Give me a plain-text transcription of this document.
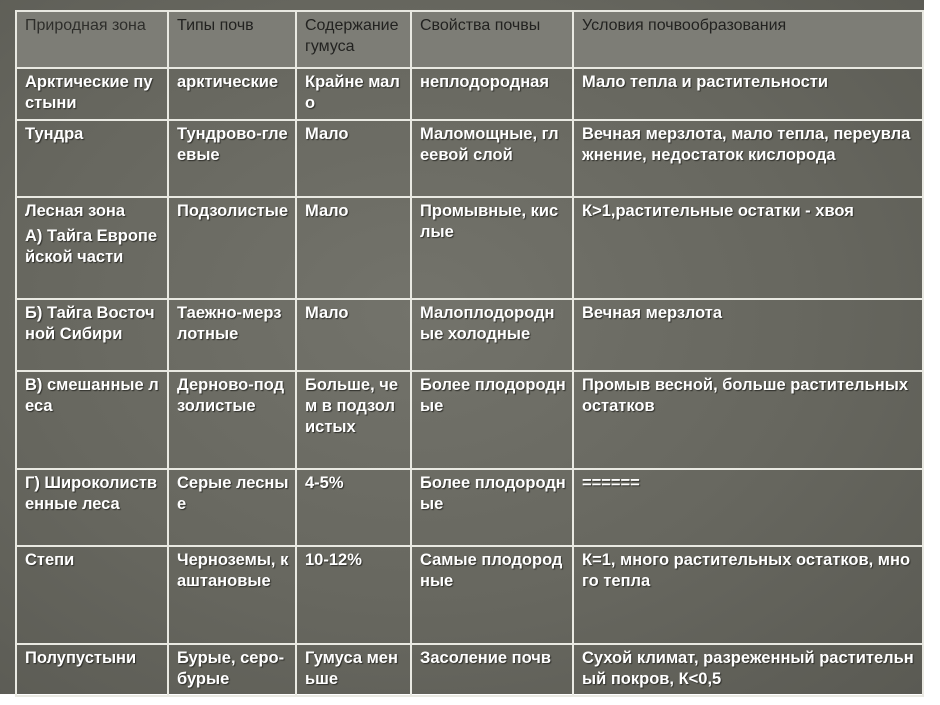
Природная зона	Типы почв	Содержание гумуса	Свойства почвы	Условия почвообразования
Арктические пустыни	арктические	Крайне мало	неплодородная	Мало тепла и растительности
Тундра	Тундрово-глеевые	Мало	Маломощные, глеевой слой	Вечная мерзлота, мало тепла, переувлажнение, недостаток кислорода

Лесная зона
А) Тайга Европейской части	Подзолистые	Мало	Промывные, кислые	К>1,растительные остатки - хвоя
Б) Тайга Восточной Сибири	Таежно-мерзлотные	Мало	Малоплодородные холодные	Вечная мерзлота
В) смешанные леса	Дерново-подзолистые	Больше, чем в подзолистых	Более плодородные	Промыв весной, больше растительных остатков
Г) Широколиственные леса	Серые лесные	4-5%	Более плодородные	======
Степи	Черноземы, каштановые	10-12%	Самые плодородные	К=1, много растительных остатков, много тепла
Полупустыни	Бурые, серо-бурые	Гумуса меньше	Засоление почв	Сухой климат, разреженный растительный покров, К<0,5
